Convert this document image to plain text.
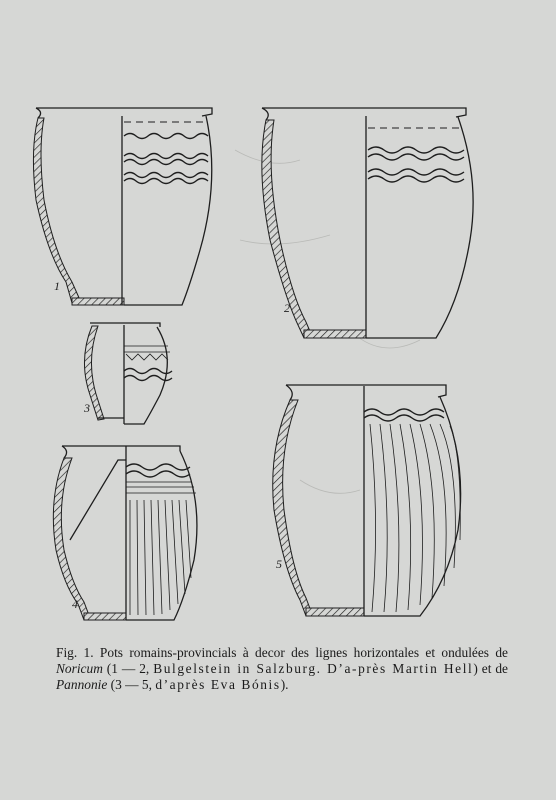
1
2
3
4
5

Fig. 1. Pots romains-provincials à decor des lignes horizontales et ondulées de Noricum (1 — 2, Bulgelstein in Salzburg. D’a-près Martin Hell) et de Pannonie (3 — 5, d’après Eva Bónis).
